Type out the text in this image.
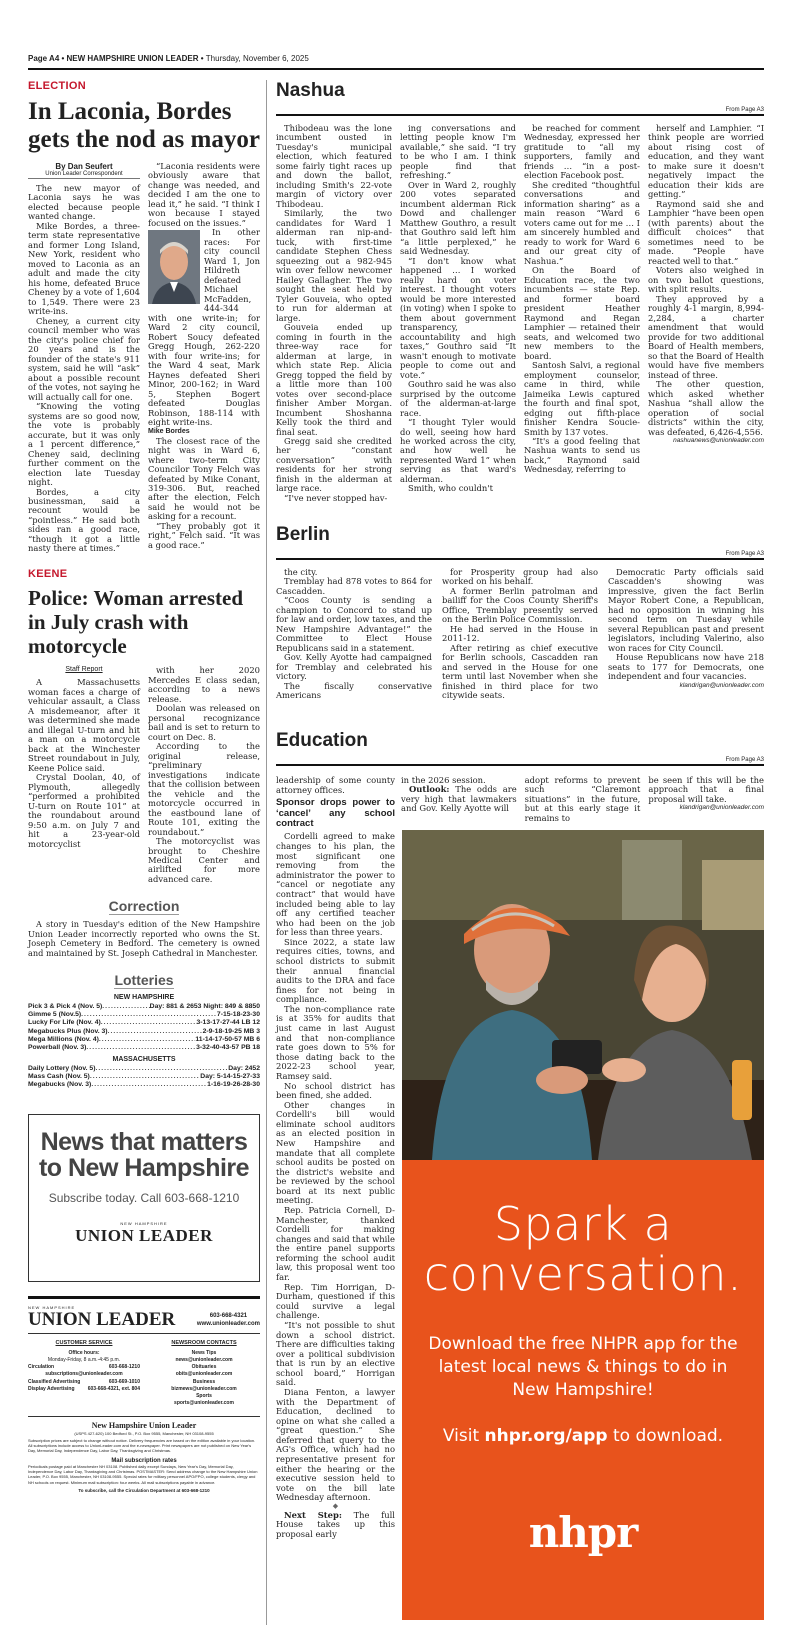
Page A4 • NEW HAMPSHIRE UNION LEADER • Thursday, November 6, 2025
ELECTION
In Laconia, Bordes gets the nod as mayor
By Dan Seufert
Union Leader Correspondent

The new mayor of Laconia says he was elected because people wanted change.

Mike Bordes, a three-term state representative and former Long Island, New York, resident who moved to Laconia as an adult and made the city his home, defeated Bruce Cheney by a vote of 1,604 to 1,549. There were 23 write-ins.

Cheney, a current city council member who was the city's police chief for 20 years and is the founder of the state's 911 system, said he will “ask” about a possible recount of the votes, not saying he will actually call for one.

“Knowing the voting systems are so good now, the vote is probably accurate, but it was only a 1 percent difference,” Cheney said, declining further comment on the election late Tuesday night.

Bordes, a city businessman, said a recount would be “pointless.” He said both sides ran a good race, “though it got a little nasty there at times.”

“Laconia residents were obviously aware that change was needed, and decided I am the one to lead it,” he said. “I think I won because I stayed focused on the issues.”

In other races: For city council Ward 1, Jon Hildreth defeated Michael McFadden, 444-344 with one write-in; for Ward 2 city council, Robert Soucy defeated Gregg Hough, 262-220 with four write-ins; for the Ward 4 seat, Mark Haynes defeated Sheri Minor, 200-162; in Ward 5, Stephen Bogert defeated Douglas Robinson, 188-114 with eight write-ins.

Mike Bordes

The closest race of the night was in Ward 6, where two-term City Councilor Tony Felch was defeated by Mike Conant, 319-306. But, reached after the election, Felch said he would not be asking for a recount.

“They probably got it right,” Felch said. “It was a good race.”

KEENE
Police: Woman arrested in July crash with motorcycle
Staff Report

A Massachusetts woman faces a charge of vehicular assault, a Class A misdemeanor, after it was determined she made and illegal U-turn and hit a man on a motorcycle back at the Winchester Street roundabout in July, Keene Police said.

Crystal Doolan, 40, of Plymouth, allegedly “performed a prohibited U-turn on Route 101” at the roundabout around 9:50 a.m. on July 7 and hit a 23-year-old motorcyclist

with her 2020 Mercedes E class sedan, according to a news release.

Doolan was released on personal recognizance bail and is set to return to court on Dec. 8.

According to the original release, “preliminary investigations indicate that the collision between the vehicle and the motorcycle occurred in the eastbound lane of Route 101, exiting the roundabout.”

The motorcyclist was brought to Cheshire Medical Center and airlifted for more advanced care.

Correction

A story in Tuesday's edition of the New Hampshire Union Leader incorrectly reported who owns the St. Joseph Cemetery in Bedford. The cemetery is owned and maintained by St. Joseph Cathedral in Manchester.

Lotteries
NEW HAMPSHIRE
Pick 3 & Pick 4 (Nov. 5) .....	Day: 881 & 2653 Night: 849 & 8850
Gimme 5 (Nov.5) .....	7-15-18-23-30
Lucky For Life (Nov. 4) .....	3-13-17-27-44 LB 12
Megabucks Plus (Nov. 3) .....	2-9-18-19-25 MB 3
Mega Millions (Nov. 4) .....	11-14-17-50-57 MB 6
Powerball (Nov. 3) .....	3-32-40-43-57 PB 18
MASSACHUSETTS
Daily Lottery (Nov. 5) .....	Day: 2452
Mass Cash (Nov. 5) .....	Day: 5-14-15-27-33
Megabucks (Nov. 3) .....	1-16-19-26-28-30
News that matters
to New Hampshire
Subscribe today. Call 603-668-1210
NEW HAMPSHIRE
UNION LEADER
NEW HAMPSHIRE
UNION LEADER	603-668-4321
www.unionleader.com
CUSTOMER SERVICE
Office hours:
Monday-Friday, 8 a.m.-4:45 p.m.
Circulation	603-668-1210
subscriptions@unionleader.com
Classified Advertising	603-669-1010
Display Advertising	603-668-4321, ext. 804
NEWSROOM CONTACTS
News Tips
news@unionleader.com
Obituaries
obits@unionleader.com
Business
bizmews@unionleader.com
Sports
sports@unionleader.com
New Hampshire Union Leader
(USPS 427-620) 100 Bedford St., P.O. Box 9555, Manchester, NH 03108-9555
Subscription prices are subject to change without notice. Delivery frequencies are based on the edition available in your location. All subscriptions include access to UnionLeader.com and the e-newspaper. Print newspapers are not published on New Year's Day, Memorial Day, Independence Day, Labor Day, Thanksgiving and Christmas.
Mail subscription rates
Periodicals postage paid at Manchester NH 03108. Published daily except Sundays, New Year's Day, Memorial Day, Independence Day, Labor Day, Thanksgiving and Christmas. POSTMASTER: Send address change to the New Hampshire Union Leader, P.O. Box 9555, Manchester, NH 03108-9555. Special rates for military personnel APO/FPO, college students, clergy and NH schools on request. Minimum mail subscription: four weeks. All mail subscriptions payable in advance.
To subscribe, call the Circulation Department at 603-668-1210
Nashua
From Page A3

Thibodeau was the lone incumbent ousted in Tuesday's municipal election, which featured some fairly tight races up and down the ballot, including Smith's 22-vote margin of victory over Thibodeau.

Similarly, the two candidates for Ward 1 alderman ran nip-and-tuck, with first-time candidate Stephen Chess squeezing out a 982-945 win over fellow newcomer Hailey Gallagher. The two sought the seat held by Tyler Gouveia, who opted to run for alderman at large.

Gouveia ended up coming in fourth in the three-way race for alderman at large, in which state Rep. Alicia Gregg topped the field by a little more than 100 votes over second-place finisher Amber Morgan. Incumbent Shoshanna Kelly took the third and final seat.

Gregg said she credited her “constant conversation” with residents for her strong finish in the alderman at large race.

“I've never stopped hav-

ing conversations and letting people know I'm available,” she said. “I try to be who I am. I think people find that refreshing.”

Over in Ward 2, roughly 200 votes separated incumbent alderman Rick Dowd and challenger Matthew Gouthro, a result that Gouthro said left him “a little perplexed,” he said Wednesday.

“I don't know what happened … I worked really hard on voter interest. I thought voters would be more interested (in voting) when I spoke to them about government transparency, accountability and high taxes,” Gouthro said “It wasn't enough to motivate people to come out and vote.”

Gouthro said he was also surprised by the outcome of the alderman-at-large race.

“I thought Tyler would do well, seeing how hard he worked across the city, and how well he represented Ward 1” when serving as that ward's alderman.

Smith, who couldn't

be reached for comment Wednesday, expressed her gratitude to “all my supporters, family and friends … “in a post-election Facebook post.

She credited “thoughtful conversations and information sharing” as a main reason “Ward 6 voters came out for me … I am sincerely humbled and ready to work for Ward 6 and our great city of Nashua.”

On the Board of Education race, the two incumbents — state Rep. and former board president Heather Raymond and Regan Lamphier — retained their seats, and welcomed two new members to the board.

Santosh Salvi, a regional employment counselor, came in third, while Jaimeika Lewis captured the fourth and final spot, edging out fifth-place finisher Kendra Soucie-Smith by 137 votes.

“It's a good feeling that Nashua wants to send us back,” Raymond said Wednesday, referring to

herself and Lamphier. “I think people are worried about rising cost of education, and they want to make sure it doesn't negatively impact the education their kids are getting.”

Raymond said she and Lamphier “have been open (with parents) about the difficult choices” that sometimes need to be made. “People have reacted well to that.”

Voters also weighed in on two ballot questions, with split results.

They approved by a roughly 4-1 margin, 8,994-2,284, a charter amendment that would provide for two additional Board of Health members, so that the Board of Health would have five members instead of three.

The other question, which asked whether Nashua “shall allow the operation of social districts” within the city, was defeated, 6,426-4,556.

nashuanews@unionleader.com

Berlin
From Page A3

the city.

Tremblay had 878 votes to 864 for Cascadden.

“Coos County is sending a champion to Concord to stand up for law and order, low taxes, and the New Hampshire Advantage!” the Committee to Elect House Republicans said in a statement.

Gov. Kelly Ayotte had campaigned for Tremblay and celebrated his victory.

The fiscally conservative Americans

for Prosperity group had also worked on his behalf.

A former Berlin patrolman and bailiff for the Coos County Sheriff's Office, Tremblay presently served on the Berlin Police Commission.

He had served in the House in 2011-12.

After retiring as chief executive for Berlin schools, Cascadden ran and served in the House for one term until last November when she finished in third place for two citywide seats.

Democratic Party officials said Cascadden's showing was impressive, given the fact Berlin Mayor Robert Cone, a Republican, had no opposition in winning his second term on Tuesday while several Republican past and present legislators, including Valerino, also won races for City Council.

House Republicans now have 218 seats to 177 for Democrats, one independent and four vacancies.

klandrigan@unionleader.com

Education
From Page A3

leadership of some county attorney offices.

Sponsor drops power to ‘cancel’ any school contract

Cordelli agreed to make changes to his plan, the most significant one removing from the administrator the power to “cancel or negotiate any contract” that would have included being able to lay off any certified teacher who had been on the job for less than three years.

Since 2022, a state law requires cities, towns, and school districts to submit their annual financial audits to the DRA and face fines for not being in compliance.

The non-compliance rate is at 35% for audits that just came in last August and that non-compliance rate goes down to 5% for those dating back to the 2022-23 school year, Ramsey said.

No school district has been fined, she added.

Other changes in Cordelli's bill would eliminate school auditors as an elected position in New Hampshire and mandate that all complete school audits be posted on the district's website and be reviewed by the school board at its next public meeting.

Rep. Patricia Cornell, D-Manchester, thanked Cordelli for making changes and said that while the entire panel supports reforming the school audit law, this proposal went too far.

Rep. Tim Horrigan, D-Durham, questioned if this could survive a legal challenge.

“It's not possible to shut down a school district. There are difficulties taking over a political subdivision that is run by an elective school board,” Horrigan said.

Diana Fenton, a lawyer with the Department of Education, declined to opine on what she called a “great question.” She deferred that query to the AG's Office, which had no representative present for either the hearing or the executive session held to vote on the bill late Wednesday afternoon.

◆

Next Step: The full House takes up this proposal early

in the 2026 session.

Outlook: The odds are very high that lawmakers and Gov. Kelly Ayotte will

adopt reforms to prevent such “Claremont situations” in the future, but at this early stage it remains to

be seen if this will be the approach that a final proposal will take.

klandrigan@unionleader.com

Spark a conversation.
Download the free NHPR app for the latest local news & things to do in New Hampshire!
Visit nhpr.org/app to download.
nhpr
